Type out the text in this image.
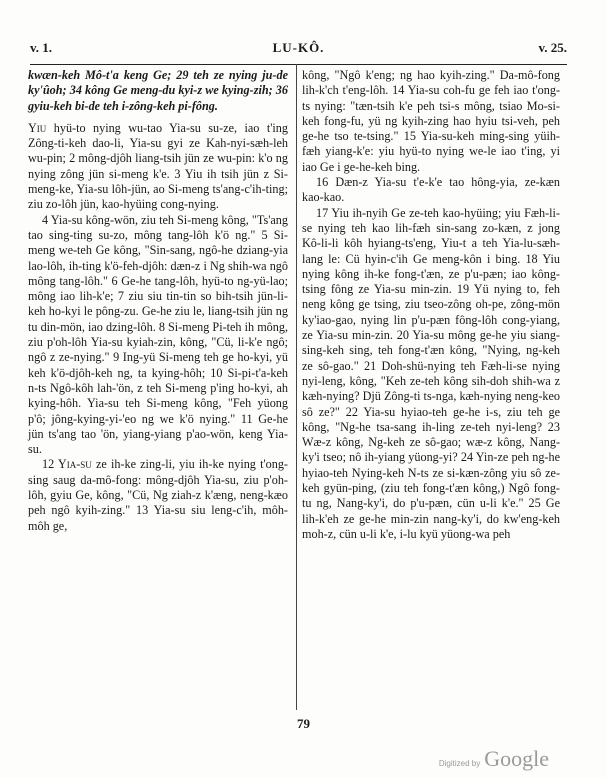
v. 1.	LU-KÔ.	v. 25.

kwæn-keh Mô-t'a keng Ge; 29 teh ze nying ju-de ky'ûoh; 34 kông Ge meng-du kyi-z we kying-zih; 36 gyiu-keh bi-de teh i-zông-keh pi-fông.

Yiu hyü-to nying wu-tao Yia-su su-ze, iao t'ing Zông-ti-keh dao-li, Yia-su gyi ze Kah-nyi-sæh-leh wu-pin; 2 mông-djôh liang-tsih jün ze wu-pin: k'o ng nying zông jün si-meng k'e. 3 Yiu ih tsih jün z Si-meng-ke, Yia-su lôh-jün, ao Si-meng ts'ang-c'ih-ting; ziu zo-lôh jün, kao-hyüing cong-nying.

4 Yia-su kông-wön, ziu teh Si-meng kông, "Ts'ang tao sing-ting su-zo, mông tang-lôh k'ö ng." 5 Si-meng we-teh Ge kông, "Sin-sang, ngô-he dziang-yia lao-lôh, ih-ting k'ö-feh-djôh: dæn-z i Ng shih-wa ngô mông tang-lôh." 6 Ge-he tang-lôh, hyü-to ng-yü-lao; mông iao lih-k'e; 7 ziu siu tin-tin so bih-tsih jün-li-keh ho-kyi le pông-zu. Ge-he ziu le, liang-tsih jün ng tu din-mön, iao dzing-lôh. 8 Si-meng Pi-teh ih mông, ziu p'oh-lôh Yia-su kyiah-zin, kông, "Cü, li-k'e ngô; ngô z ze-nying." 9 Ing-yü Si-meng teh ge ho-kyi, yü keh k'ö-djôh-keh ng, ta kying-hôh; 10 Si-pi-t'a-keh n-ts Ngô-kôh lah-'ön, z teh Si-meng p'ing ho-kyi, ah kying-hôh. Yia-su teh Si-meng kông, "Feh yüong p'ô; jông-kying-yi-'eo ng we k'ö nying." 11 Ge-he jün ts'ang tao 'ön, yiang-yiang p'ao-wön, keng Yia-su.

12 Yia-su ze ih-ke zing-li, yiu ih-ke nying t'ong-sing saug da-mô-fong: mông-djôh Yia-su, ziu p'oh-lôh, gyiu Ge, kông, "Cü, Ng ziah-z k'æng, neng-kæo peh ngô kyih-zing." 13 Yia-su siu leng-c'ih, môh-môh ge,

kông, "Ngô k'eng; ng hao kyih-zing." Da-mô-fong lih-k'ch t'eng-lôh. 14 Yia-su coh-fu ge feh iao t'ong-ts nying: "tæn-tsih k'e peh tsi-s mông, tsiao Mo-si-keh fong-fu, yü ng kyih-zing hao hyiu tsi-veh, peh ge-he tso te-tsing." 15 Yia-su-keh ming-sing yüih-fæh yiang-k'e: yiu hyü-to nying we-le iao t'ing, yi iao Ge i ge-he-keh bing.

16 Dæn-z Yia-su t'e-k'e tao hông-yia, ze-kæn kao-kao.

17 Yiu ih-nyih Ge ze-teh kao-hyüing; yiu Fæh-li-se nying teh kao lih-fæh sin-sang zo-kæn, z jong Kô-li-li kôh hyiang-ts'eng, Yiu-t a teh Yia-lu-sæh-lang le: Cü hyin-c'ih Ge meng-kôn i bing. 18 Yiu nying kông ih-ke fong-t'æn, ze p'u-pæn; iao kông-tsing fông ze Yia-su min-zin. 19 Yü nying to, feh neng kông ge tsing, ziu tseo-zông oh-pe, zông-mön ky'iao-gao, nying lin p'u-pæn fông-lôh cong-yiang, ze Yia-su min-zin. 20 Yia-su mông ge-he yiu siang-sing-keh sing, teh fong-t'æn kông, "Nying, ng-keh ze sô-gao." 21 Doh-shü-nying teh Fæh-li-se nying nyi-leng, kông, "Keh ze-teh kông sih-doh shih-wa z kæh-nying? Djü Zông-ti ts-nga, kæh-nying neng-keo sô ze?" 22 Yia-su hyiao-teh ge-he i-s, ziu teh ge kông, "Ng-he tsa-sang ih-ling ze-teh nyi-leng? 23 Wæ-z kông, Ng-keh ze sô-gao; wæ-z kông, Nang-ky'i tseo; nô ih-yiang yüong-yi? 24 Yin-ze peh ng-he hyiao-teh Nying-keh N-ts ze si-kæn-zông yiu sô ze-keh gyün-ping, (ziu teh fong-t'æn kông,) Ngô fong-tu ng, Nang-ky'i, do p'u-pæn, cün u-li k'e." 25 Ge lih-k'eh ze ge-he min-zin nang-ky'i, do kw'eng-keh moh-z, cün u-li k'e, i-lu kyü yüong-wa peh

79
Digitized by Google
